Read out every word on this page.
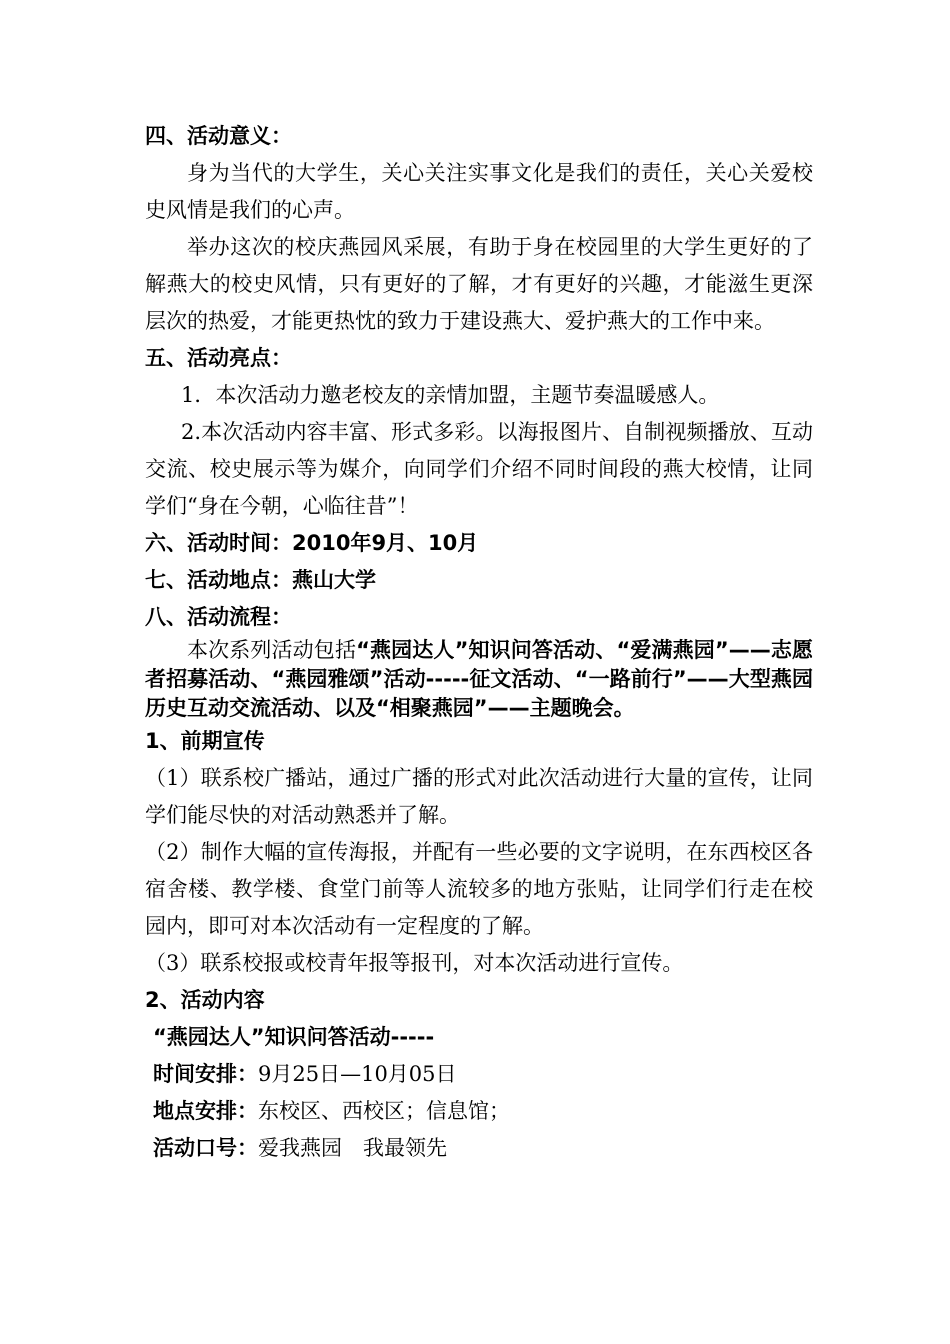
四、活动意义：

身为当代的大学生，关心关注实事文化是我们的责任，关心关爱校史风情是我们的心声。

举办这次的校庆燕园风采展，有助于身在校园里的大学生更好的了解燕大的校史风情，只有更好的了解，才有更好的兴趣，才能滋生更深层次的热爱，才能更热忱的致力于建设燕大、爱护燕大的工作中来。

五、活动亮点：

1．本次活动力邀老校友的亲情加盟，主题节奏温暖感人。

2.本次活动内容丰富、形式多彩。以海报图片、自制视频播放、互动交流、校史展示等为媒介，向同学们介绍不同时间段的燕大校情，让同学们“身在今朝，心临往昔”！

六、活动时间：2010年9月、10月

七、活动地点：燕山大学

八、活动流程：

本次系列活动包括“燕园达人”知识问答活动、“爱满燕园”——志愿者招募活动、“燕园雅颂”活动-----征文活动、“一路前行”——大型燕园历史互动交流活动、以及“相聚燕园”——主题晚会。

1、前期宣传

（1）联系校广播站，通过广播的形式对此次活动进行大量的宣传，让同学们能尽快的对活动熟悉并了解。

（2）制作大幅的宣传海报，并配有一些必要的文字说明，在东西校区各宿舍楼、教学楼、食堂门前等人流较多的地方张贴，让同学们行走在校园内，即可对本次活动有一定程度的了解。

（3）联系校报或校青年报等报刊，对本次活动进行宣传。

2、活动内容

“燕园达人”知识问答活动-----

时间安排：9月25日—10月05日

地点安排：东校区、西校区；信息馆；

活动口号：爱我燕园　我最领先
